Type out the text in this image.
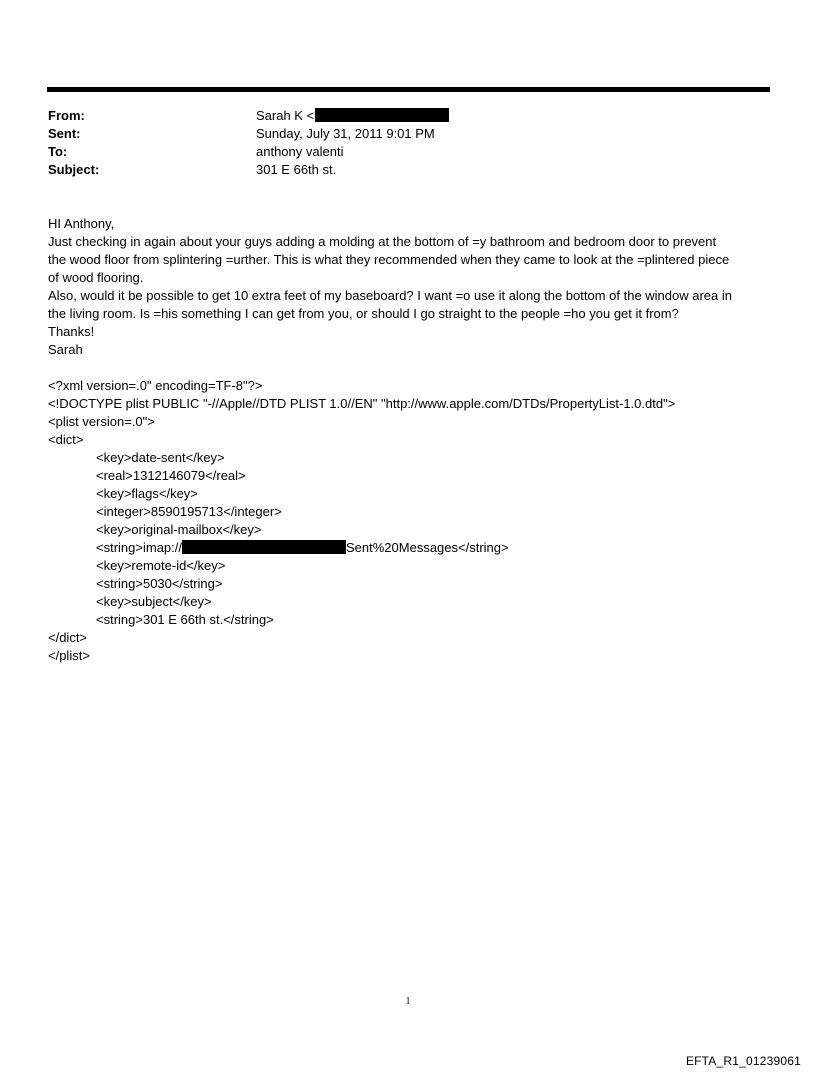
From:	Sarah K <
Sent:	Sunday, July 31, 2011 9:01 PM
To:	anthony valenti
Subject:	301 E 66th st.
HI Anthony,
Just checking in again about your guys adding a molding at the bottom of =y bathroom and bedroom door to prevent
the wood floor from splintering =urther. This is what they recommended when they came to look at the =plintered piece
of wood flooring.
Also, would it be possible to get 10 extra feet of my baseboard? I want =o use it along the bottom of the window area in
the living room. Is =his something I can get from you, or should I go straight to the people =ho you get it from?
Thanks!
Sarah
<?xml version=.0" encoding=TF-8"?>
<!DOCTYPE plist PUBLIC "-//Apple//DTD PLIST 1.0//EN" "http://www.apple.com/DTDs/PropertyList-1.0.dtd">
<plist version=.0">
<dict>
<key>date-sent</key>
<real>1312146079</real>
<key>flags</key>
<integer>8590195713</integer>
<key>original-mailbox</key>
<string>imap://	Sent%20Messages</string>
<key>remote-id</key>
<string>5030</string>
<key>subject</key>
<string>301 E 66th st.</string>
</dict>
</plist>
1
EFTA_R1_01239061
